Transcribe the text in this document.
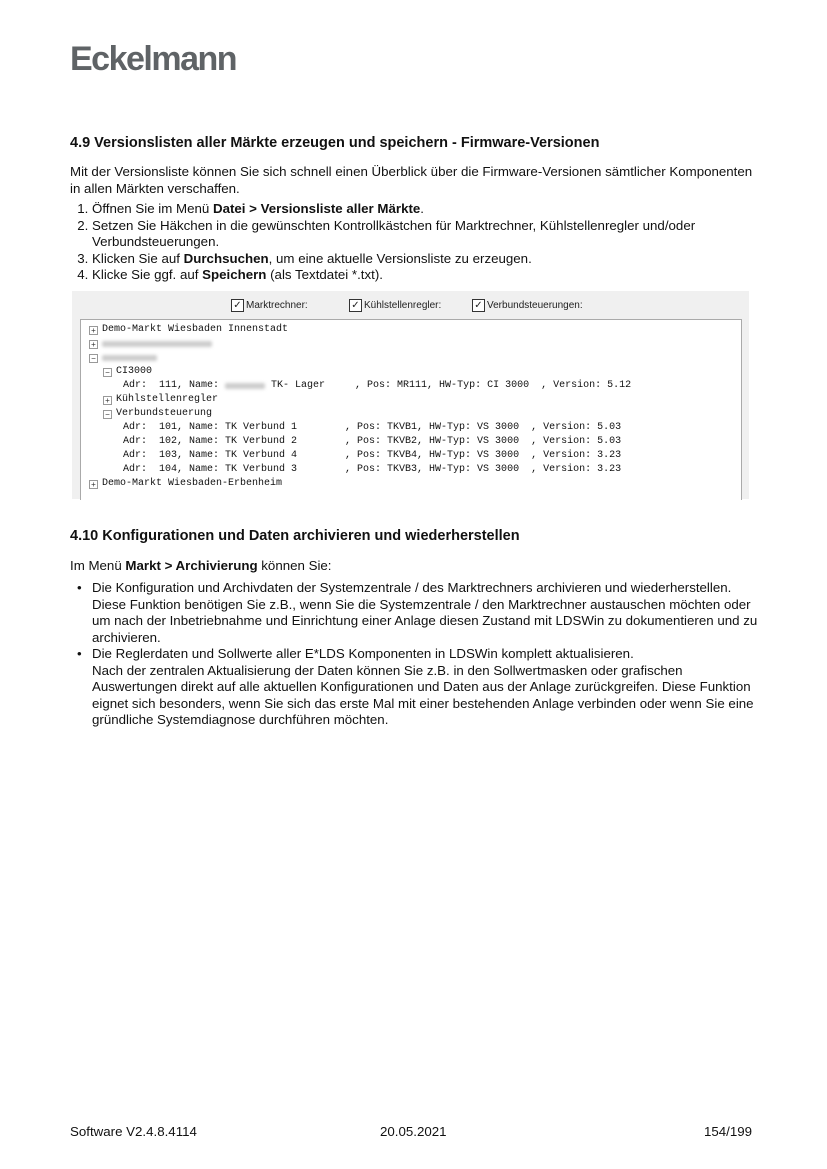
Eckelmann
4.9 Versionslisten aller Märkte erzeugen und speichern - Firmware-Versionen

Mit der Versionsliste können Sie sich schnell einen Überblick über die Firmware-Versionen sämtlicher Komponenten in allen Märkten verschaffen.

1. Öffnen Sie im Menü Datei > Versionsliste aller Märkte.
2. Setzen Sie Häkchen in die gewünschten Kontrollkästchen für Marktrechner, Kühlstellenregler und/oder Verbundsteuerungen.
3. Klicken Sie auf Durchsuchen, um eine aktuelle Versionsliste zu erzeugen.
4. Klicke Sie ggf. auf Speichern (als Textdatei *.txt).
✓ Marktrechner:	✓ Kühlstellenregler:	✓ Verbundsteuerungen:
+ Demo-Markt Wiesbaden Innenstadt
+
−
− CI3000
Adr:  111, Name:	TK- Lager     , Pos: MR111, HW-Typ: CI 3000  , Version: 5.12
+ Kühlstellenregler
− Verbundsteuerung
Adr:  101, Name: TK Verbund 1        , Pos: TKVB1, HW-Typ: VS 3000  , Version: 5.03
Adr:  102, Name: TK Verbund 2        , Pos: TKVB2, HW-Typ: VS 3000  , Version: 5.03
Adr:  103, Name: TK Verbund 4        , Pos: TKVB4, HW-Typ: VS 3000  , Version: 3.23
Adr:  104, Name: TK Verbund 3        , Pos: TKVB3, HW-Typ: VS 3000  , Version: 3.23
+ Demo-Markt Wiesbaden-Erbenheim
4.10 Konfigurationen und Daten archivieren und wiederherstellen

Im Menü Markt > Archivierung können Sie:

• Die Konfiguration und Archivdaten der Systemzentrale / des Marktrechners archivieren und wiederherstellen.
Diese Funktion benötigen Sie z.B., wenn Sie die Systemzentrale / den Marktrechner austauschen möchten oder um nach der Inbetriebnahme und Einrichtung einer Anlage diesen Zustand mit LDSWin zu dokumentieren und zu archivieren.
• Die Reglerdaten und Sollwerte aller E*LDS Komponenten in LDSWin komplett aktualisieren.
Nach der zentralen Aktualisierung der Daten können Sie z.B. in den Sollwertmasken oder grafischen Auswertungen direkt auf alle aktuellen Konfigurationen und Daten aus der Anlage zurückgreifen. Diese Funktion eignet sich besonders, wenn Sie sich das erste Mal mit einer bestehenden Anlage verbinden oder wenn Sie eine gründliche Systemdiagnose durchführen möchten.
Software V2.4.8.4114	20.05.2021	154/199
